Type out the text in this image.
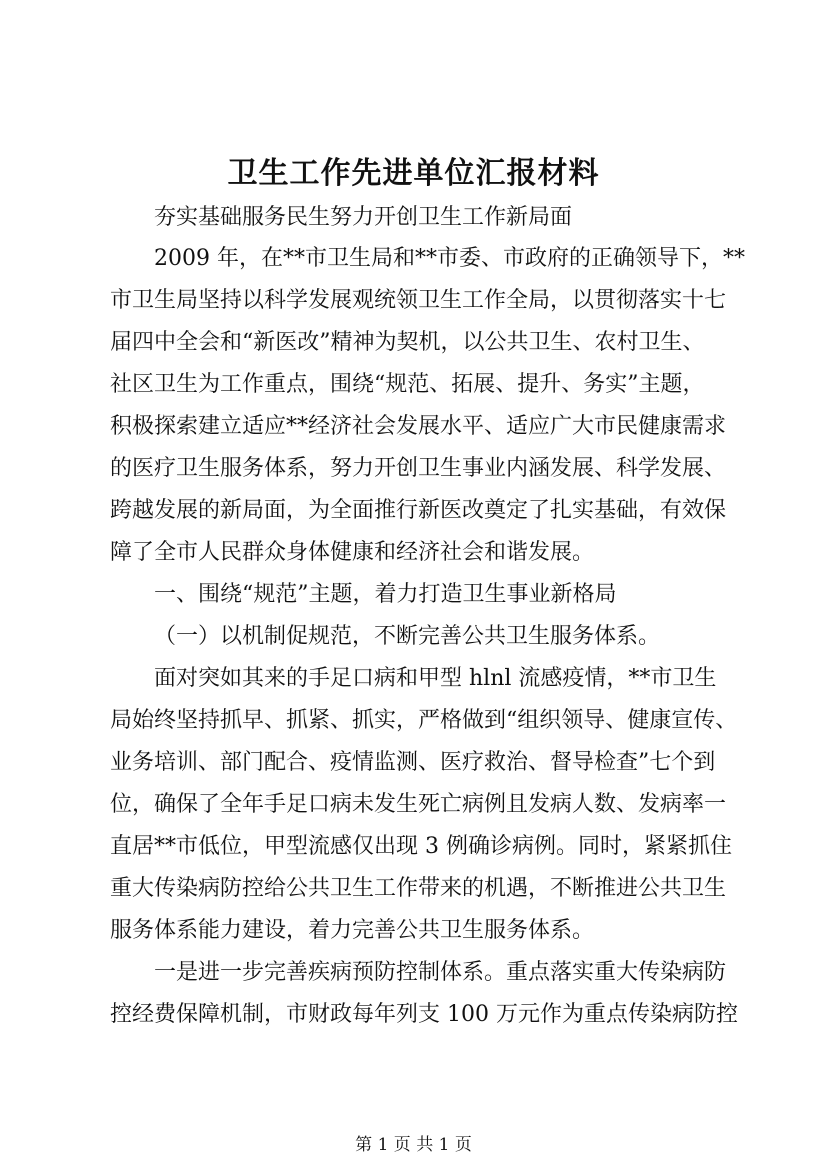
卫生工作先进单位汇报材料
夯实基础服务民生努力开创卫生工作新局面
2009 年，在**市卫生局和**市委、市政府的正确领导下，**
市卫生局坚持以科学发展观统领卫生工作全局，以贯彻落实十七
届四中全会和“新医改”精神为契机，以公共卫生、农村卫生、
社区卫生为工作重点，围绕“规范、拓展、提升、务实”主题，
积极探索建立适应**经济社会发展水平、适应广大市民健康需求
的医疗卫生服务体系，努力开创卫生事业内涵发展、科学发展、
跨越发展的新局面，为全面推行新医改奠定了扎实基础，有效保
障了全市人民群众身体健康和经济社会和谐发展。
一、围绕“规范”主题，着力打造卫生事业新格局
（一）以机制促规范，不断完善公共卫生服务体系。
面对突如其来的手足口病和甲型 hlnl 流感疫情，**市卫生
局始终坚持抓早、抓紧、抓实，严格做到“组织领导、健康宣传、
业务培训、部门配合、疫情监测、医疗救治、督导检查”七个到
位，确保了全年手足口病未发生死亡病例且发病人数、发病率一
直居**市低位，甲型流感仅出现 3 例确诊病例。同时，紧紧抓住
重大传染病防控给公共卫生工作带来的机遇，不断推进公共卫生
服务体系能力建设，着力完善公共卫生服务体系。
一是进一步完善疾病预防控制体系。重点落实重大传染病防
控经费保障机制，市财政每年列支 100 万元作为重点传染病防控
第 1 页 共 1 页
